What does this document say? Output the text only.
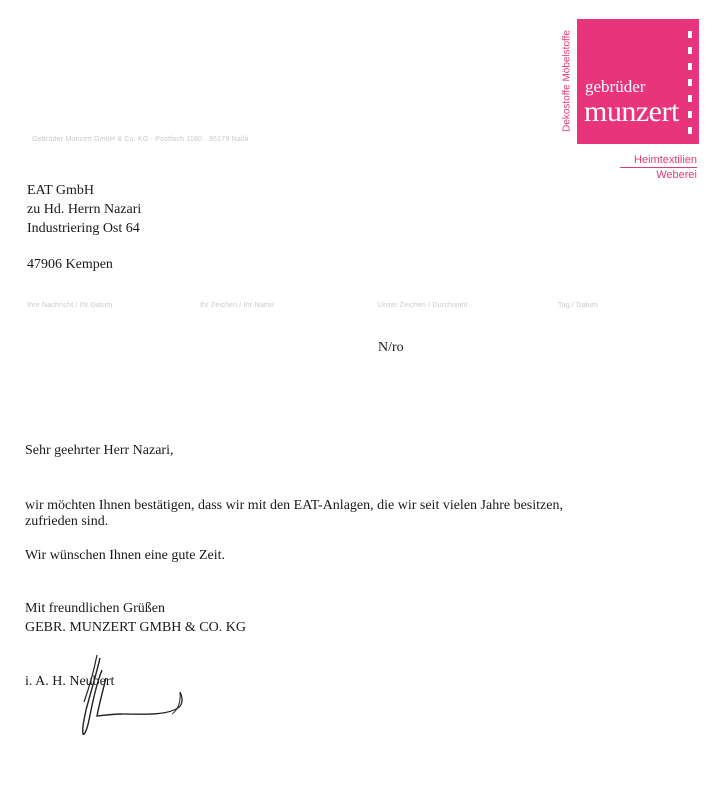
Gebrüder Munzert GmbH & Co. KG · Postfach 1180 · 95179 Naila
Dekostoffe Möbelstoffe gebrüder
munzert
Heimtextilien
Weberei
EAT GmbH
zu Hd. Herrn Nazari
Industriering Ost 64
47906 Kempen
Ihre Nachricht / Ihr Datum	Ihr Zeichen / Ihr Name	Unser Zeichen / Durchwahl	Tag / Datum
N/ro
Sehr geehrter Herr Nazari,
wir möchten Ihnen bestätigen, dass wir mit den EAT-Anlagen, die wir seit vielen Jahre besitzen,
zufrieden sind.
Wir wünschen Ihnen eine gute Zeit.
Mit freundlichen Grüßen
GEBR. MUNZERT GMBH & CO. KG
i. A. H. Neubert
